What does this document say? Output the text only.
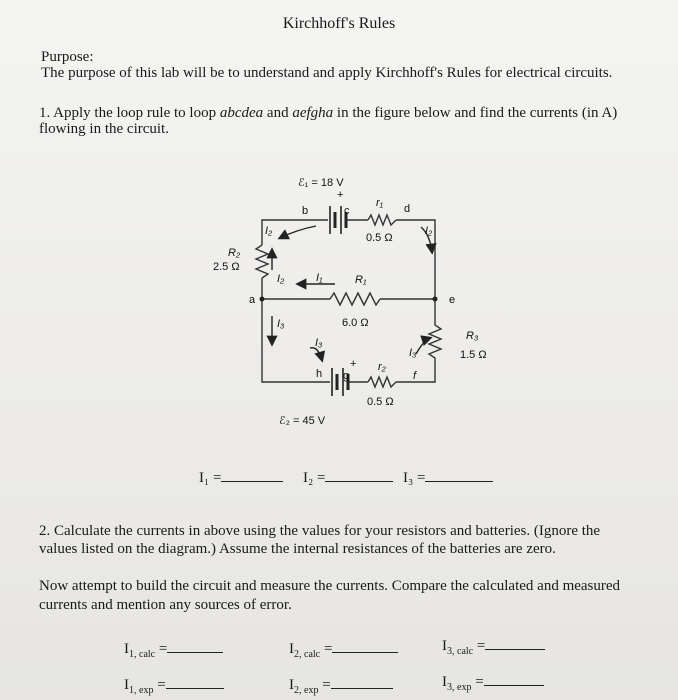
Kirchhoff's Rules
Purpose:
The purpose of this lab will be to understand and apply Kirchhoff's Rules for electrical circuits.
1. Apply the loop rule to loop abcdea and aefgha in the figure below and find the currents (in A)
flowing in the circuit.
ℰ₁ = 18 V
+
b	c
r₁ d
0.5 Ω
I₂	I₂
R₂
2.5 Ω
I₂	I₁	R₁
a	e
6.0 Ω
I₃
R₃
1.5 Ω
I₃
I₃
+ r₂
h g	f
0.5 Ω
ℰ₂ = 45 V
I₁ =	I₂ =	I₃ =
2. Calculate the currents in above using the values for your resistors and batteries. (Ignore the
values listed on the diagram.) Assume the internal resistances of the batteries are zero.
Now attempt to build the circuit and measure the currents. Compare the calculated and measured
currents and mention any sources of error.
$I_{1, calc}$ =	$I_{2, calc}$ =	$I_{3, calc}$ =
$I_{1, exp}$ =	$I_{2, exp}$ =	$I_{3, exp}$ =
